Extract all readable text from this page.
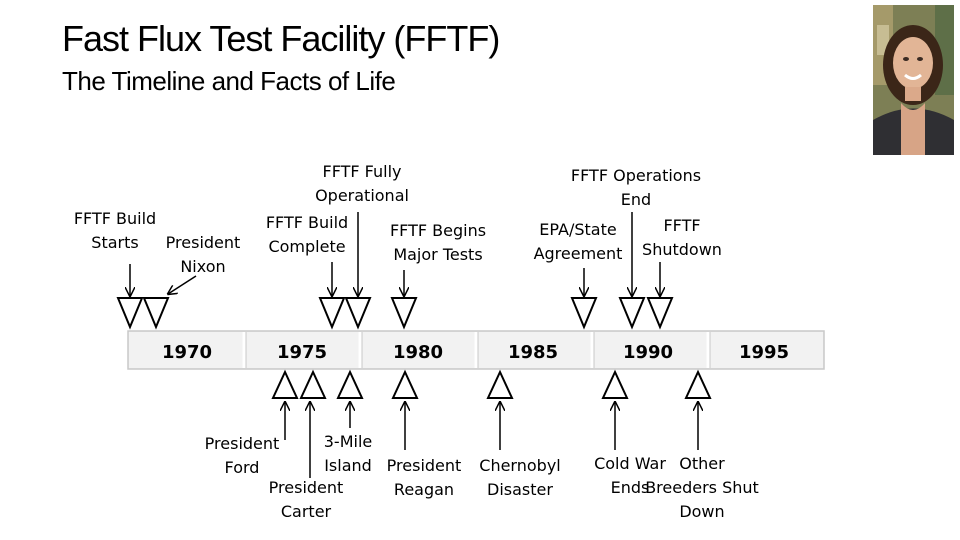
Fast Flux Test Facility (FFTF)
The Timeline and Facts of Life
1970	1975	1980	1985	1990	1995
FFTF Build
Starts	President
Nixon
FFTF Fully
Operational
FFTF Build
Complete
FFTF Begins
Major Tests
FFTF Operations
End
EPA/State
Agreement
FFTF
Shutdown
President
Ford
3-Mile
Island
President
Carter
President
Reagan
Chernobyl
Disaster
Cold War
Ends
Other
Breeders Shut
Down
